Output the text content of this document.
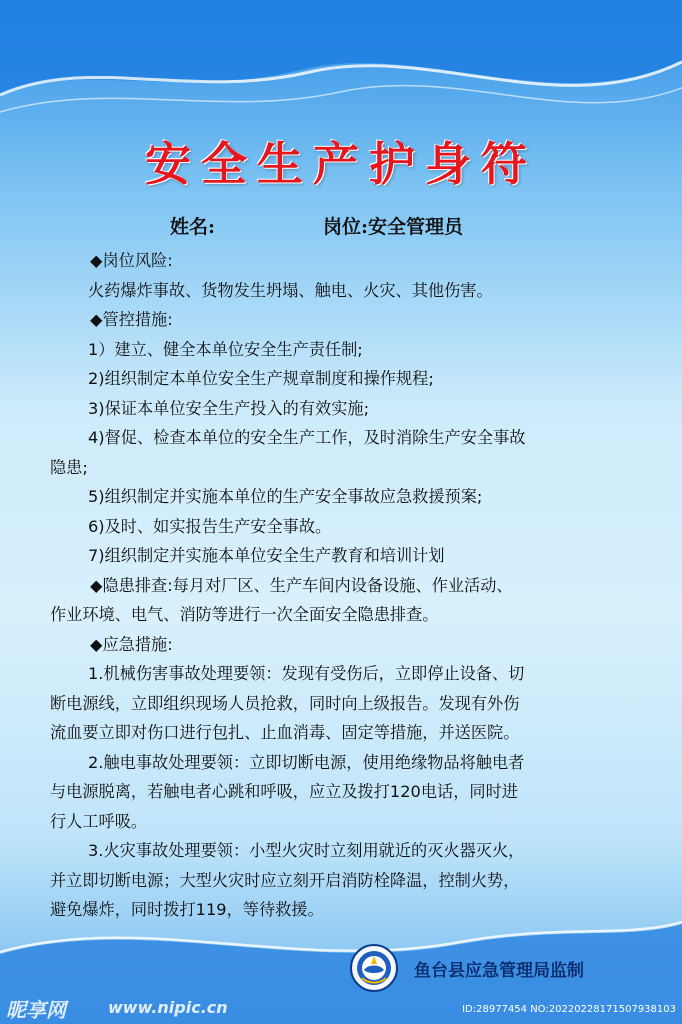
安全生产护身符
姓名:	岗位:安全管理员

◆岗位风险:

火药爆炸事故、货物发生坍塌、触电、火灾、其他伤害。

◆管控措施:

1）建立、健全本单位安全生产责任制;

2)组织制定本单位安全生产规章制度和操作规程;

3)保证本单位安全生产投入的有效实施;

4)督促、检查本单位的安全生产工作，及时消除生产安全事故

隐患;

5)组织制定并实施本单位的生产安全事故应急救援预案;

6)及时、如实报告生产安全事故。

7)组织制定并实施本单位安全生产教育和培训计划

◆隐患排查:每月对厂区、生产车间内设备设施、作业活动、

作业环境、电气、消防等进行一次全面安全隐患排查。

◆应急措施:

1.机械伤害事故处理要领：发现有受伤后，立即停止设备、切

断电源线，立即组织现场人员抢救，同时向上级报告。发现有外伤

流血要立即对伤口进行包扎、止血消毒、固定等措施，并送医院。

2.触电事故处理要领：立即切断电源，使用绝缘物品将触电者

与电源脱离，若触电者心跳和呼吸，应立及拨打120电话，同时进

行人工呼吸。

3.火灾事故处理要领：小型火灾时立刻用就近的灭火器灭火，

并立即切断电源；大型火灾时应立刻开启消防栓降温，控制火势，

避免爆炸，同时拨打119，等待救援。

鱼台县应急管理局监制
昵享网	www.nipic.cn	ID:28977454 NO:20220228171507938103
